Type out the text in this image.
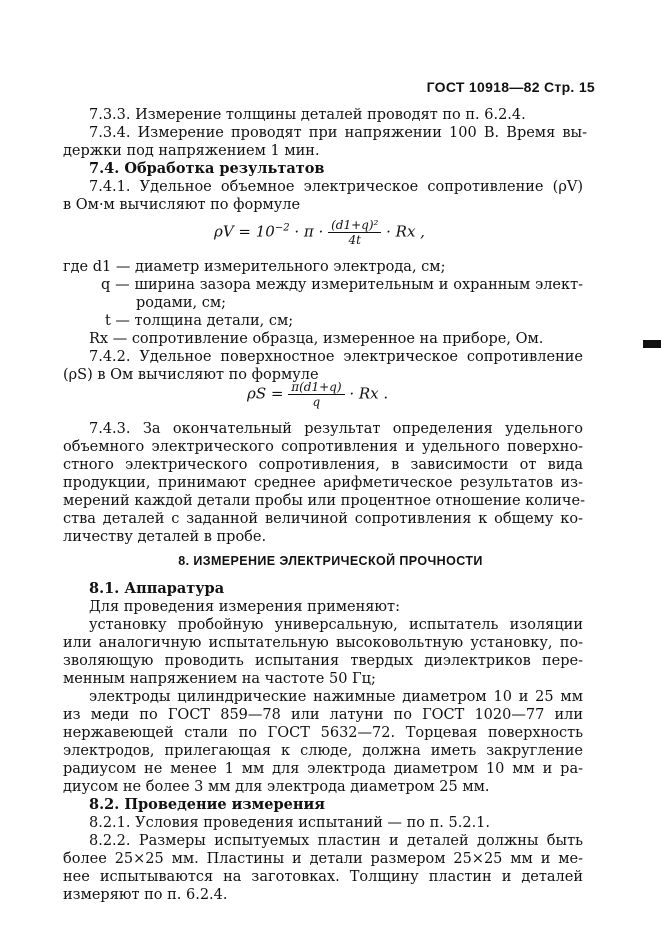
ГОСТ 10918—82 Стр. 15
7.3.3. Измерение толщины деталей проводят по п. 6.2.4.
7.3.4. Измерение проводят при напряжении 100 В. Время вы-
держки под напряжением 1 мин.
7.4. Обработка результатов
7.4.1. Удельное объемное электрическое сопротивление (ρV)
в Ом·м вычисляют по формуле
$\rho V = 10^{-2} \cdot \pi \cdot \frac{\text{(d1+q)²}}{4t} \cdot Rx$ ,
где d1 — диаметр измерительного электрода, см;
q — ширина зазора между измерительным и охранным элект-
родами, см;
t — толщина детали, см;
Rx — сопротивление образца, измеренное на приборе, Ом.
7.4.2. Удельное поверхностное электрическое сопротивление
(ρS) в Ом вычисляют по формуле
$\rho S = \frac{\pi(d1+q)}{q} \cdot Rx$ .
7.4.3. За окончательный результат определения удельного
объемного электрического сопротивления и удельного поверхно-
стного электрического сопротивления, в зависимости от вида
продукции, принимают среднее арифметическое результатов из-
мерений каждой детали пробы или процентное отношение количе-
ства деталей с заданной величиной сопротивления к общему ко-
личеству деталей в пробе.
8. ИЗМЕРЕНИЕ ЭЛЕКТРИЧЕСКОЙ ПРОЧНОСТИ
8.1. Аппаратура
Для проведения измерения применяют:
установку пробойную универсальную, испытатель изоляции
или аналогичную испытательную высоковольтную установку, по-
зволяющую проводить испытания твердых диэлектриков пере-
менным напряжением на частоте 50 Гц;
электроды цилиндрические нажимные диаметром 10 и 25 мм
из меди по ГОСТ 859—78 или латуни по ГОСТ 1020—77 или
нержавеющей стали по ГОСТ 5632—72. Торцевая поверхность
электродов, прилегающая к слюде, должна иметь закругление
радиусом не менее 1 мм для электрода диаметром 10 мм и ра-
диусом не более 3 мм для электрода диаметром 25 мм.
8.2. Проведение измерения
8.2.1. Условия проведения испытаний — по п. 5.2.1.
8.2.2. Размеры испытуемых пластин и деталей должны быть
более 25×25 мм. Пластины и детали размером 25×25 мм и ме-
нее испытываются на заготовках. Толщину пластин и деталей
измеряют по п. 6.2.4.
